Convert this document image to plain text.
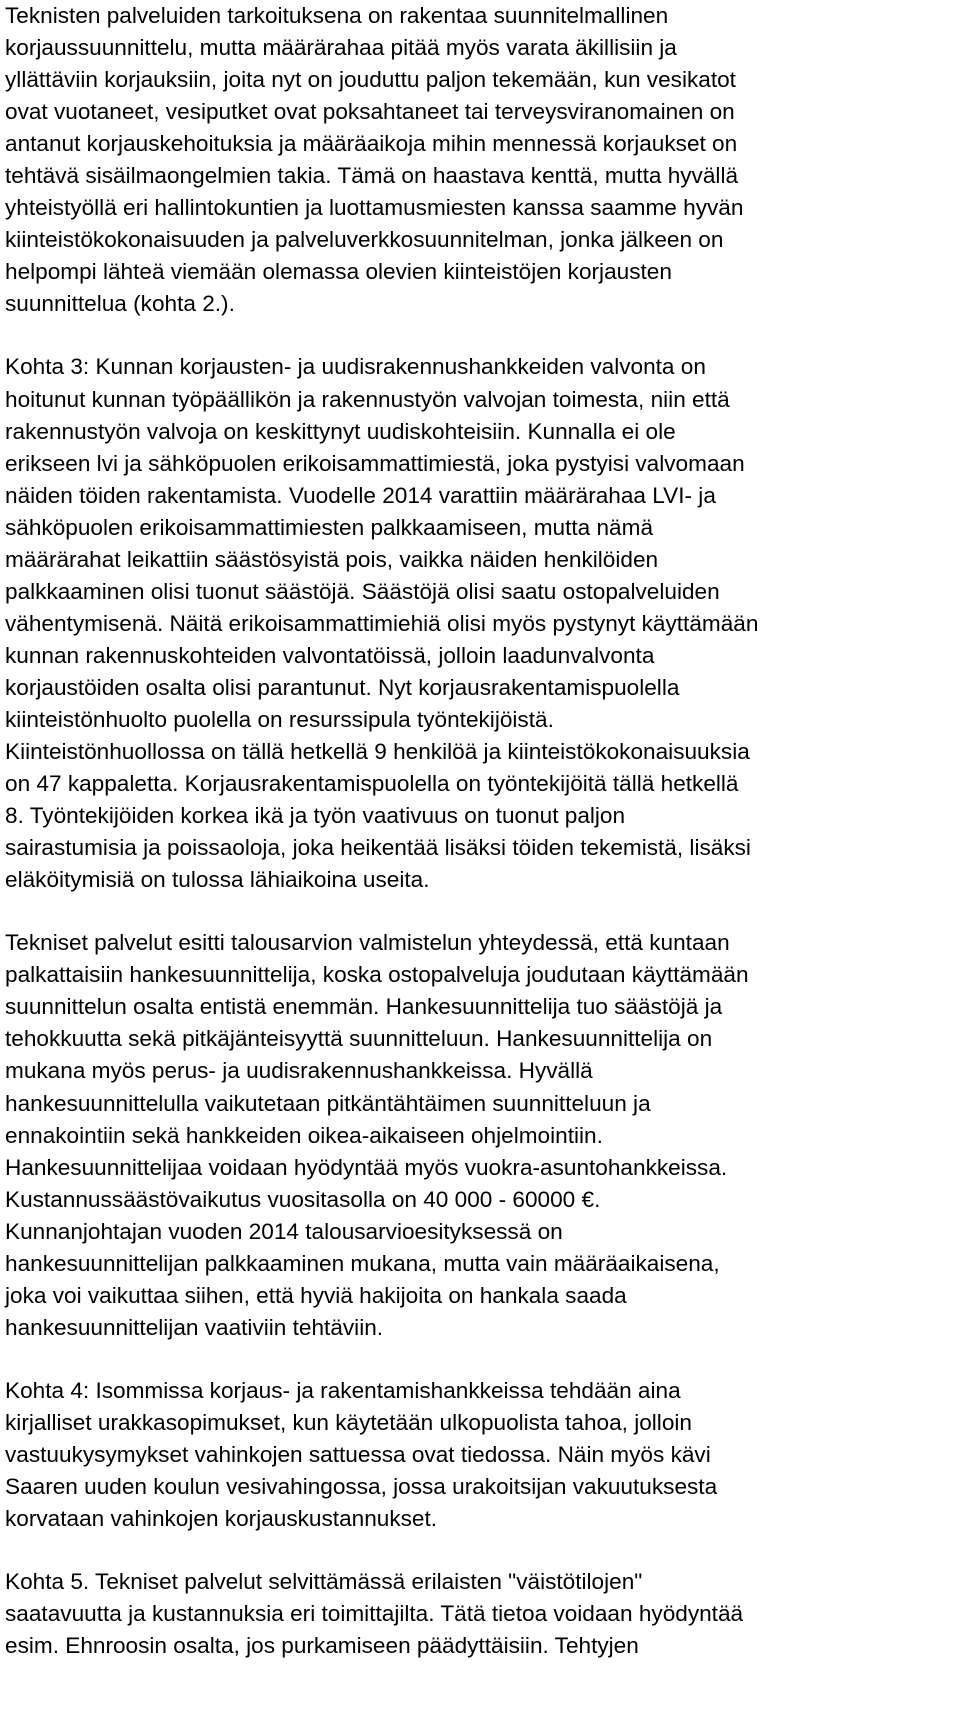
Teknisten palveluiden tarkoituksena on rakentaa suunnitelmallinen
korjaussuunnittelu, mutta määrärahaa pitää myös varata äkillisiin ja
yllättäviin korjauksiin, joita nyt on jouduttu paljon tekemään, kun vesikatot
ovat vuotaneet, vesiputket ovat poksahtaneet tai terveysviranomainen on
antanut korjauskehoituksia ja määräaikoja mihin mennessä korjaukset on
tehtävä sisäilmaongelmien takia. Tämä on haastava kenttä, mutta hyvällä
yhteistyöllä eri hallintokuntien ja luottamusmiesten kanssa saamme hyvän
kiinteistökokonaisuuden ja palveluverkkosuunnitelman, jonka jälkeen on
helpompi lähteä viemään olemassa olevien kiinteistöjen korjausten
suunnittelua (kohta 2.).

Kohta 3: Kunnan korjausten- ja uudisrakennushankkeiden valvonta on
hoitunut kunnan työpäällikön ja rakennustyön valvojan toimesta, niin että
rakennustyön valvoja on keskittynyt uudiskohteisiin. Kunnalla ei ole
erikseen lvi ja sähköpuolen erikoisammattimiestä, joka pystyisi valvomaan
näiden töiden rakentamista. Vuodelle 2014 varattiin määrärahaa LVI- ja
sähköpuolen erikoisammattimiesten palkkaamiseen, mutta nämä
määrärahat leikattiin säästösyistä pois, vaikka näiden henkilöiden
palkkaaminen olisi tuonut säästöjä. Säästöjä olisi saatu ostopalveluiden
vähentymisenä. Näitä erikoisammattimiehiä olisi myös pystynyt käyttämään
kunnan rakennuskohteiden valvontatöissä, jolloin laadunvalvonta
korjaustöiden osalta olisi parantunut. Nyt korjausrakentamispuolella
kiinteistönhuolto puolella on resurssipula työntekijöistä.
Kiinteistönhuollossa on tällä hetkellä 9 henkilöä ja kiinteistökokonaisuuksia
on 47 kappaletta. Korjausrakentamispuolella on työntekijöitä tällä hetkellä
8. Työntekijöiden korkea ikä ja työn vaativuus on tuonut paljon
sairastumisia ja poissaoloja, joka heikentää lisäksi töiden tekemistä, lisäksi
eläköitymisiä on tulossa lähiaikoina useita.

Tekniset palvelut esitti talousarvion valmistelun yhteydessä, että kuntaan
palkattaisiin hankesuunnittelija, koska ostopalveluja joudutaan käyttämään
suunnittelun osalta entistä enemmän. Hankesuunnittelija tuo säästöjä ja
tehokkuutta sekä pitkäjänteisyyttä suunnitteluun. Hankesuunnittelija on
mukana myös perus- ja uudisrakennushankkeissa. Hyvällä
hankesuunnittelulla vaikutetaan pitkäntähtäimen suunnitteluun ja
ennakointiin sekä hankkeiden oikea-aikaiseen ohjelmointiin.
Hankesuunnittelijaa voidaan hyödyntää myös vuokra-asuntohankkeissa.
Kustannussäästövaikutus vuositasolla on 40 000 - 60000 €.
Kunnanjohtajan vuoden 2014 talousarvioesityksessä on
hankesuunnittelijan palkkaaminen mukana, mutta vain määräaikaisena,
joka voi vaikuttaa siihen, että hyviä hakijoita on hankala saada
hankesuunnittelijan vaativiin tehtäviin.

Kohta 4: Isommissa korjaus- ja rakentamishankkeissa tehdään aina
kirjalliset urakkasopimukset, kun käytetään ulkopuolista tahoa, jolloin
vastuukysymykset vahinkojen sattuessa ovat tiedossa. Näin myös kävi
Saaren uuden koulun vesivahingossa, jossa urakoitsijan vakuutuksesta
korvataan vahinkojen korjauskustannukset.

Kohta 5. Tekniset palvelut selvittämässä erilaisten "väistötilojen"
saatavuutta ja kustannuksia eri toimittajilta. Tätä tietoa voidaan hyödyntää
esim. Ehnroosin osalta, jos purkamiseen päädyttäisiin. Tehtyjen
